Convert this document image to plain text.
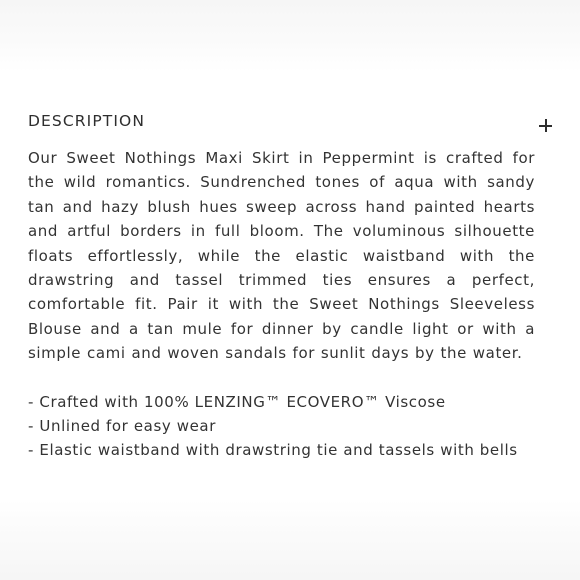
DESCRIPTION

Our Sweet Nothings Maxi Skirt in Peppermint is crafted for the wild romantics. Sundrenched tones of aqua with sandy tan and hazy blush hues sweep across hand painted hearts and artful borders in full bloom. The voluminous silhouette floats effortlessly, while the elastic waistband with the drawstring and tassel trimmed ties ensures a perfect, comfortable fit. Pair it with the Sweet Nothings Sleeveless Blouse and a tan mule for dinner by candle light or with a simple cami and woven sandals for sunlit days by the water.

- Crafted with 100% LENZING™ ECOVERO™ Viscose
- Unlined for easy wear
- Elastic waistband with drawstring tie and tassels with bells
